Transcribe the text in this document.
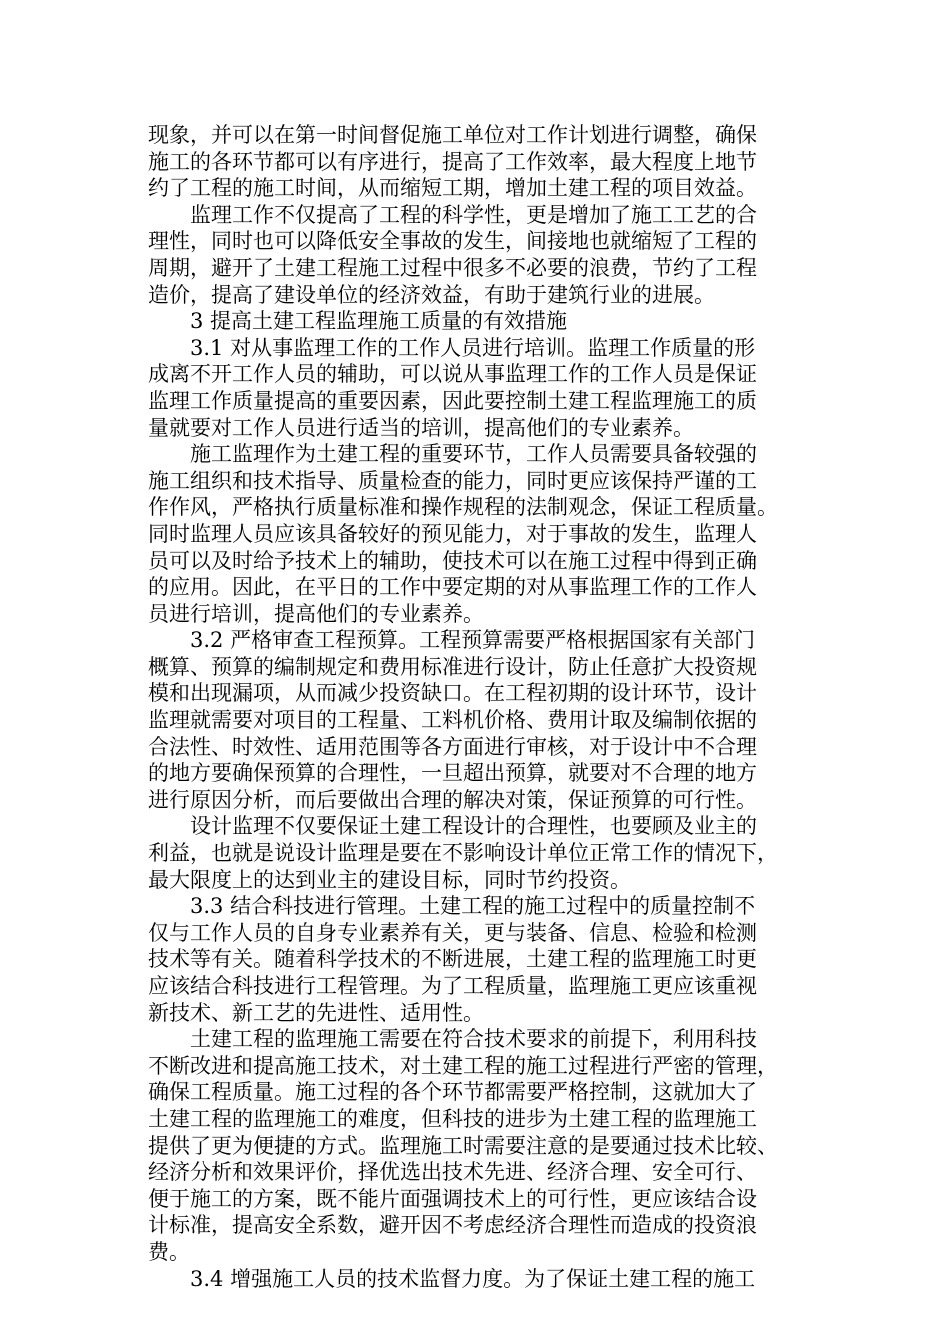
现象，并可以在第一时间督促施工单位对工作计划进行调整，确保
施工的各环节都可以有序进行，提高了工作效率，最大程度上地节
约了工程的施工时间，从而缩短工期，增加土建工程的项目效益。
监理工作不仅提高了工程的科学性，更是增加了施工工艺的合
理性，同时也可以降低安全事故的发生，间接地也就缩短了工程的
周期，避开了土建工程施工过程中很多不必要的浪费，节约了工程
造价，提高了建设单位的经济效益，有助于建筑行业的进展。
3 提高土建工程监理施工质量的有效措施
3.1 对从事监理工作的工作人员进行培训。监理工作质量的形
成离不开工作人员的辅助，可以说从事监理工作的工作人员是保证
监理工作质量提高的重要因素，因此要控制土建工程监理施工的质
量就要对工作人员进行适当的培训，提高他们的专业素养。
施工监理作为土建工程的重要环节，工作人员需要具备较强的
施工组织和技术指导、质量检查的能力，同时更应该保持严谨的工
作作风，严格执行质量标准和操作规程的法制观念，保证工程质量。
同时监理人员应该具备较好的预见能力，对于事故的发生，监理人
员可以及时给予技术上的辅助，使技术可以在施工过程中得到正确
的应用。因此，在平日的工作中要定期的对从事监理工作的工作人
员进行培训，提高他们的专业素养。
3.2 严格审查工程预算。工程预算需要严格根据国家有关部门
概算、预算的编制规定和费用标准进行设计，防止任意扩大投资规
模和出现漏项，从而减少投资缺口。在工程初期的设计环节，设计
监理就需要对项目的工程量、工料机价格、费用计取及编制依据的
合法性、时效性、适用范围等各方面进行审核，对于设计中不合理
的地方要确保预算的合理性，一旦超出预算，就要对不合理的地方
进行原因分析，而后要做出合理的解决对策，保证预算的可行性。
设计监理不仅要保证土建工程设计的合理性，也要顾及业主的
利益，也就是说设计监理是要在不影响设计单位正常工作的情况下，
最大限度上的达到业主的建设目标，同时节约投资。
3.3 结合科技进行管理。土建工程的施工过程中的质量控制不
仅与工作人员的自身专业素养有关，更与装备、信息、检验和检测
技术等有关。随着科学技术的不断进展，土建工程的监理施工时更
应该结合科技进行工程管理。为了工程质量，监理施工更应该重视
新技术、新工艺的先进性、适用性。
土建工程的监理施工需要在符合技术要求的前提下，利用科技
不断改进和提高施工技术，对土建工程的施工过程进行严密的管理，
确保工程质量。施工过程的各个环节都需要严格控制，这就加大了
土建工程的监理施工的难度，但科技的进步为土建工程的监理施工
提供了更为便捷的方式。监理施工时需要注意的是要通过技术比较、
经济分析和效果评价，择优选出技术先进、经济合理、安全可行、
便于施工的方案，既不能片面强调技术上的可行性，更应该结合设
计标准，提高安全系数，避开因不考虑经济合理性而造成的投资浪
费。
3.4 增强施工人员的技术监督力度。为了保证土建工程的施工
